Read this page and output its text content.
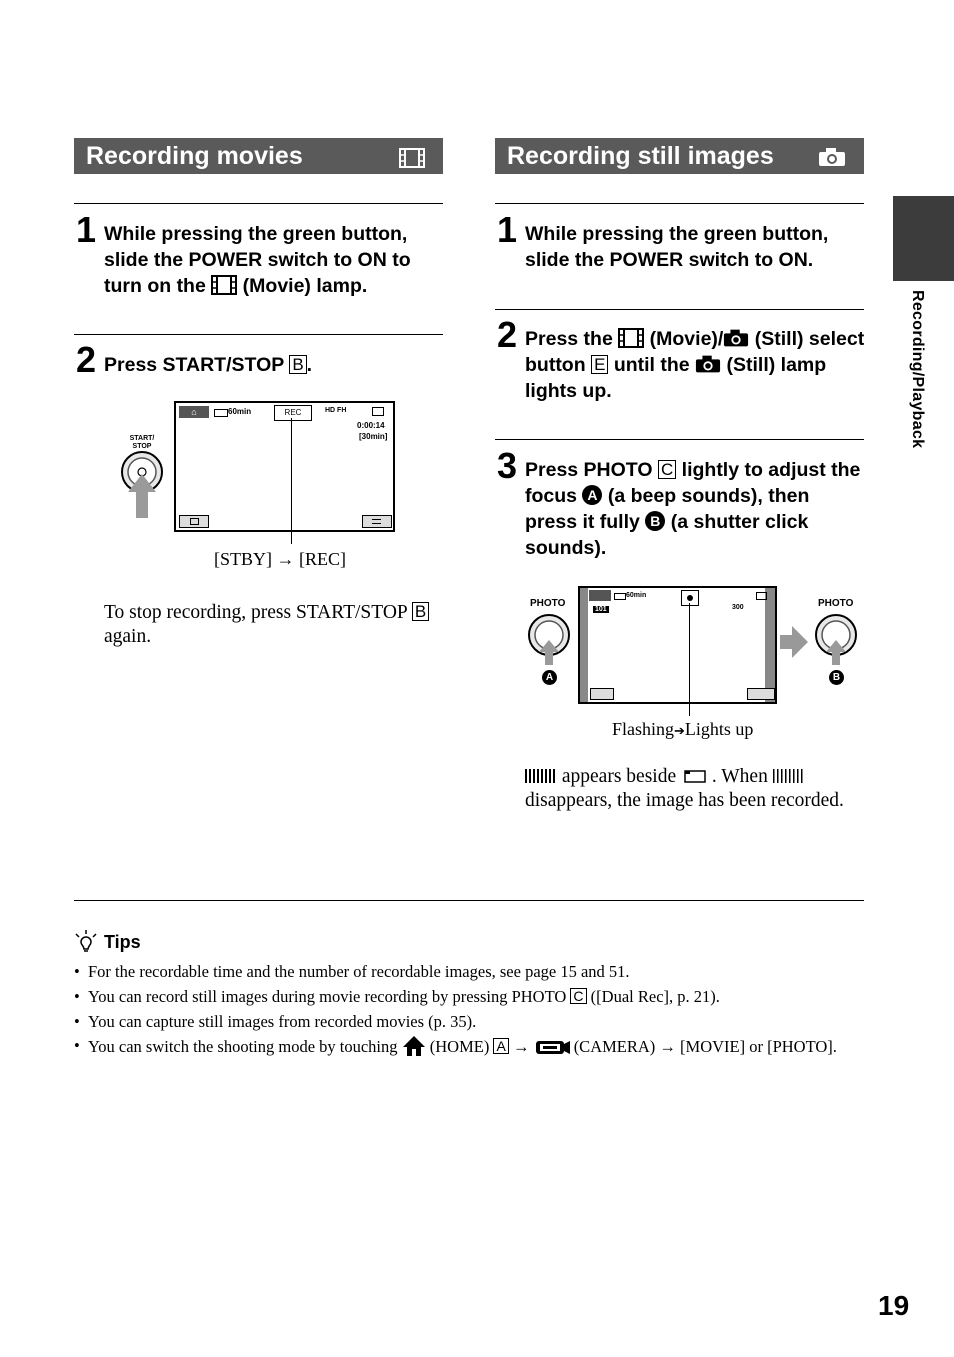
Recording movies
1 While pressing the green button, slide the POWER switch to ON to turn on the (Movie) lamp.
2 Press START/STOP B .
START/ STOP
⌂	60min	REC	HD FH
0:00:14
[30min]
[STBY] → [REC]
To stop recording, press START/STOP B again.
Recording still images
1 While pressing the green button, slide the POWER switch to ON.
2 Press the (Movie)/ (Still) select button E until the (Still) lamp lights up.
3 Press PHOTO C lightly to adjust the focus A (a beep sounds), then press it fully B (a shutter click sounds).
PHOTO
A
60min
300
101
PHOTO
B
Flashing➔Lights up
appears beside . When  disappears, the image has been recorded.
Tips
• For the recordable time and the number of recordable images, see page 15 and 51.
• You can record still images during movie recording by pressing PHOTO C ([Dual Rec], p. 21).
• You can capture still images from recorded movies (p. 35).
• You can switch the shooting mode by touching (HOME) A →	(CAMERA) → [MOVIE] or [PHOTO].
Recording/Playback
19
